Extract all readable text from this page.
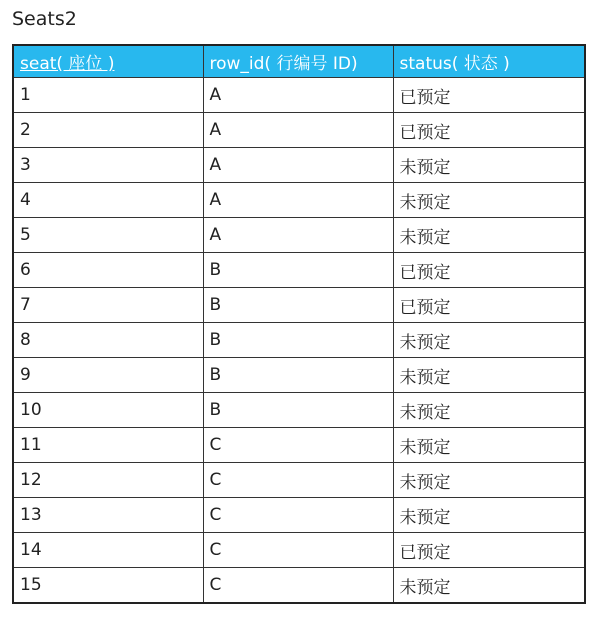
Seats2
seat( 座位 )	row_id( 行编号 ID)	status( 状态 )
1	A	已预定
2	A	已预定
3	A	未预定
4	A	未预定
5	A	未预定
6	B	已预定
7	B	已预定
8	B	未预定
9	B	未预定
10	B	未预定
11	C	未预定
12	C	未预定
13	C	未预定
14	C	已预定
15	C	未预定
